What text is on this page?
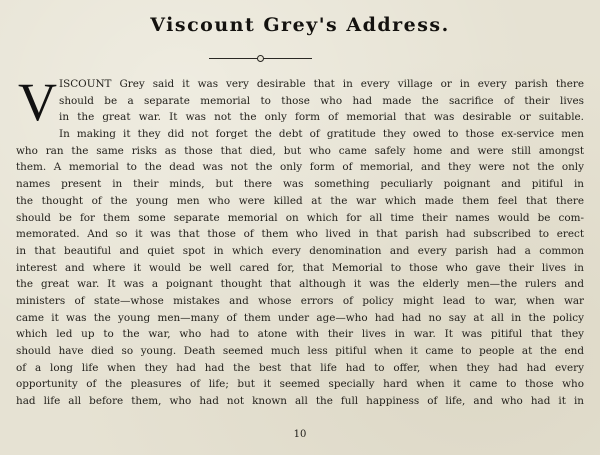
Viscount Grey's Address.
V ISCOUNT Grey said it was very desirable that in every village or in every parish there
should be a separate memorial to those who had made the sacrifice of their lives
in the great war. It was not the only form of memorial that was desirable or suitable.
In making it they did not forget the debt of gratitude they owed to those ex-service men
who ran the same risks as those that died, but who came safely home and were still amongst
them. A memorial to the dead was not the only form of memorial, and they were not the only
names present in their minds, but there was something peculiarly poignant and pitiful in
the thought of the young men who were killed at the war which made them feel that there
should be for them some separate memorial on which for all time their names would be com-
memorated. And so it was that those of them who lived in that parish had subscribed to erect
in that beautiful and quiet spot in which every denomination and every parish had a common
interest and where it would be well cared for, that Memorial to those who gave their lives in
the great war. It was a poignant thought that although it was the elderly men—the rulers and
ministers of state—whose mistakes and whose errors of policy might lead to war, when war
came it was the young men—many of them under age—who had had no say at all in the policy
which led up to the war, who had to atone with their lives in war. It was pitiful that they
should have died so young. Death seemed much less pitiful when it came to people at the end
of a long life when they had had the best that life had to offer, when they had had every
opportunity of the pleasures of life; but it seemed specially hard when it came to those who
had life all before them, who had not known all the full happiness of life, and who had it in
10
